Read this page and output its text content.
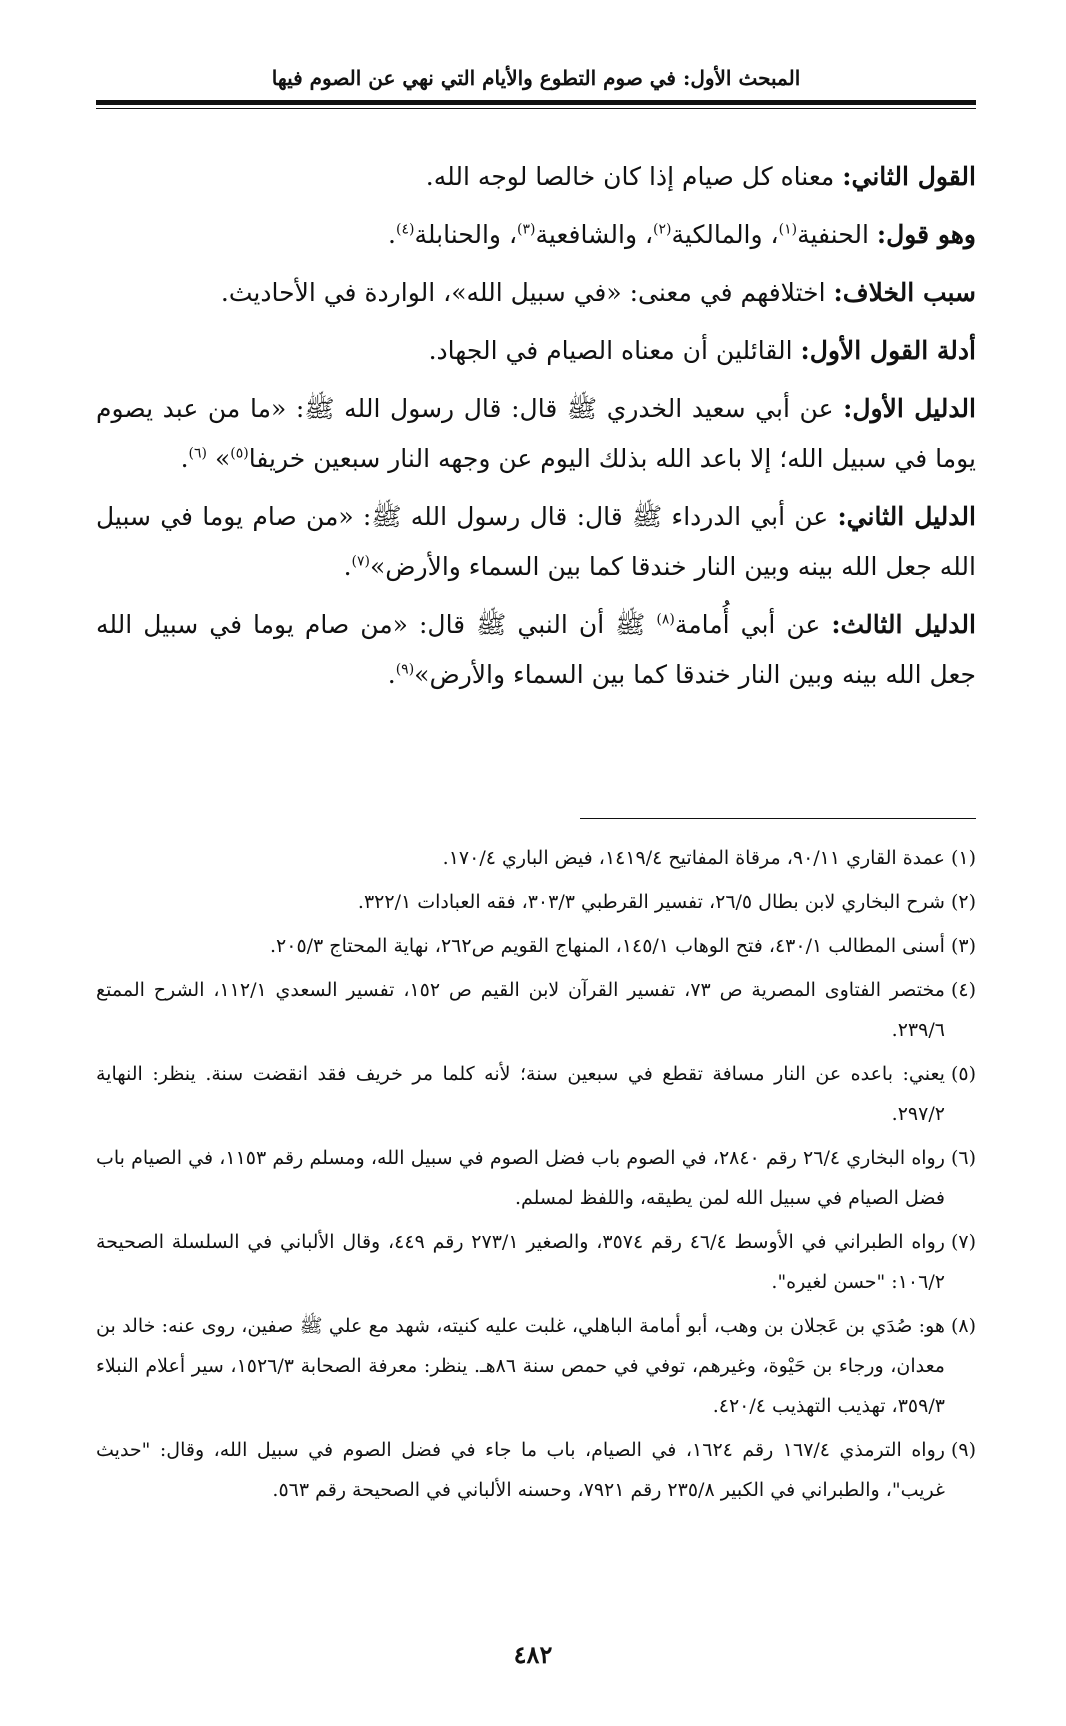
المبحث الأول: في صوم التطوع والأيام التي نهي عن الصوم فيها

القول الثاني: معناه كل صيام إذا كان خالصا لوجه الله.

وهو قول: الحنفية$^{(١)}$، والمالكية$^{(٢)}$، والشافعية$^{(٣)}$، والحنابلة$^{(٤)}$.

سبب الخلاف: اختلافهم في معنى: «في سبيل الله»، الواردة في الأحاديث.

أدلة القول الأول: القائلين أن معناه الصيام في الجهاد.

الدليل الأول: عن أبي سعيد الخدري ﷺ قال: قال رسول الله ﷺ: «ما من عبد يصوم يوما في سبيل الله؛ إلا باعد الله بذلك اليوم عن وجهه النار سبعين خريفا$^{(٥)}$» $^{(٦)}$.

الدليل الثاني: عن أبي الدرداء ﷺ قال: قال رسول الله ﷺ: «من صام يوما في سبيل الله جعل الله بينه وبين النار خندقا كما بين السماء والأرض»$^{(٧)}$.

الدليل الثالث: عن أبي أُمامة$^{(٨)}$ ﷺ أن النبي ﷺ قال: «من صام يوما في سبيل الله جعل الله بينه وبين النار خندقا كما بين السماء والأرض»$^{(٩)}$.

(١)
عمدة القاري ٩٠/١١، مرقاة المفاتيح ١٤١٩/٤، فيض الباري ١٧٠/٤.
(٢)
شرح البخاري لابن بطال ٢٦/٥، تفسير القرطبي ٣٠٣/٣، فقه العبادات ٣٢٢/١.
(٣)
أسنى المطالب ٤٣٠/١، فتح الوهاب ١٤٥/١، المنهاج القويم ص٢٦٢، نهاية المحتاج ٢٠٥/٣.
(٤)
مختصر الفتاوى المصرية ص ٧٣، تفسير القرآن لابن القيم ص ١٥٢، تفسير السعدي ١١٢/١، الشرح الممتع ٢٣٩/٦.
(٥)
يعني: باعده عن النار مسافة تقطع في سبعين سنة؛ لأنه كلما مر خريف فقد انقضت سنة. ينظر: النهاية ٢٩٧/٢.
(٦)
رواه البخاري ٢٦/٤ رقم ٢٨٤٠، في الصوم باب فضل الصوم في سبيل الله، ومسلم رقم ١١٥٣، في الصيام باب فضل الصيام في سبيل الله لمن يطيقه، واللفظ لمسلم.
(٧)
رواه الطبراني في الأوسط ٤٦/٤ رقم ٣٥٧٤، والصغير ٢٧٣/١ رقم ٤٤٩، وقال الألباني في السلسلة الصحيحة ١٠٦/٢: "حسن لغيره".
(٨)
هو: صُدَي بن عَجلان بن وهب، أبو أمامة الباهلي، غلبت عليه كنيته، شهد مع علي ﷺ صفين، روى عنه: خالد بن معدان، ورجاء بن حَيْوة، وغيرهم، توفي في حمص سنة ٨٦هـ. ينظر: معرفة الصحابة ١٥٢٦/٣، سير أعلام النبلاء ٣٥٩/٣، تهذيب التهذيب ٤٢٠/٤.
(٩)
رواه الترمذي ١٦٧/٤ رقم ١٦٢٤، في الصيام، باب ما جاء في فضل الصوم في سبيل الله، وقال: "حديث غريب"، والطبراني في الكبير ٢٣٥/٨ رقم ٧٩٢١، وحسنه الألباني في الصحيحة رقم ٥٦٣.
٤٨٢
